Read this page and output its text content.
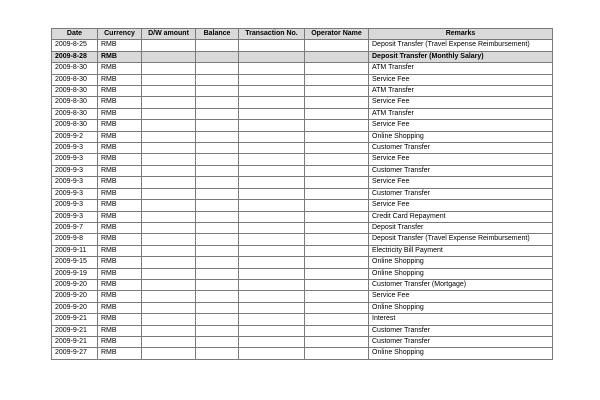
Date	Currency	D/W amount	Balance	Transaction No.	Operator Name	Remarks
2009-8-25	RMB					Deposit Transfer (Travel Expense Reimbursement)
2009-8-28	RMB					Deposit Transfer (Monthly Salary)
2009-8-30	RMB					ATM Transfer
2009-8-30	RMB					Service Fee
2009-8-30	RMB					ATM Transfer
2009-8-30	RMB					Service Fee
2009-8-30	RMB					ATM Transfer
2009-8-30	RMB					Service Fee
2009-9-2	RMB					Online Shopping
2009-9-3	RMB					Customer Transfer
2009-9-3	RMB					Service Fee
2009-9-3	RMB					Customer Transfer
2009-9-3	RMB					Service Fee
2009-9-3	RMB					Customer Transfer
2009-9-3	RMB					Service Fee
2009-9-3	RMB					Credit Card Repayment
2009-9-7	RMB					Deposit Transfer
2009-9-8	RMB					Deposit Transfer (Travel Expense Reimbursement)
2009-9-11	RMB					Electricity Bill Payment
2009-9-15	RMB					Online Shopping
2009-9-19	RMB					Online Shopping
2009-9-20	RMB					Customer Transfer (Mortgage)
2009-9-20	RMB					Service Fee
2009-9-20	RMB					Online Shopping
2009-9-21	RMB					Interest
2009-9-21	RMB					Customer Transfer
2009-9-21	RMB					Customer Transfer
2009-9-27	RMB					Online Shopping
